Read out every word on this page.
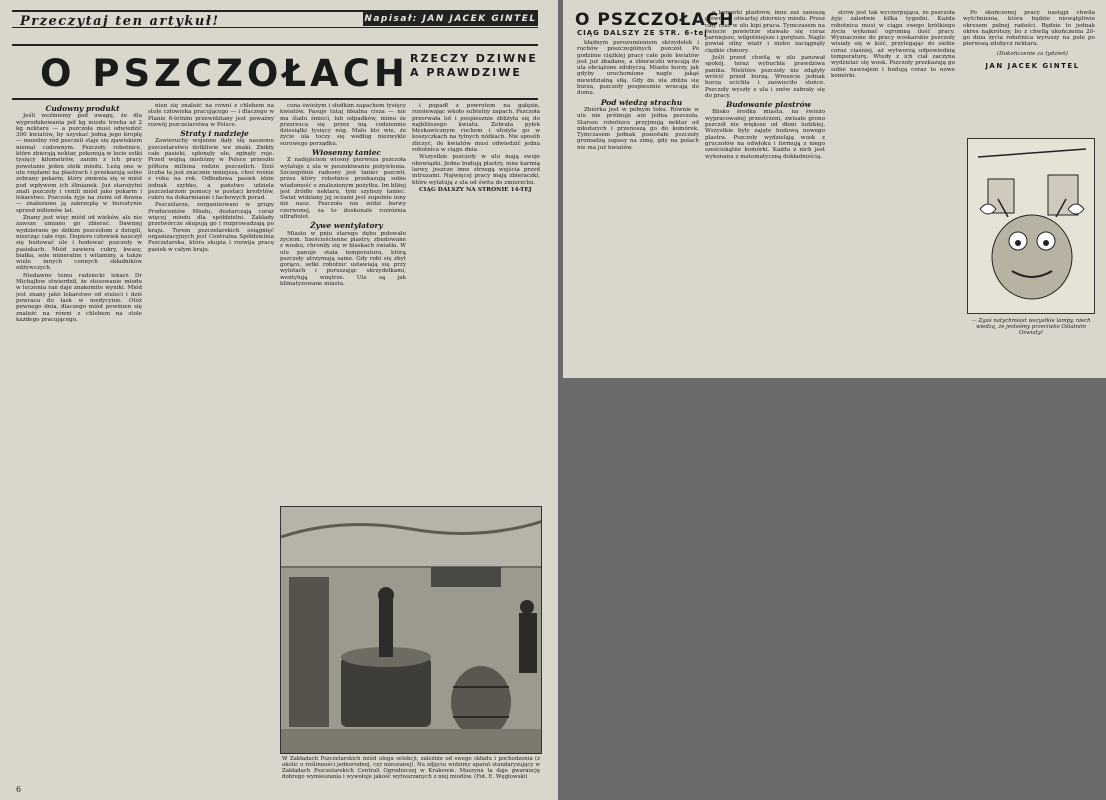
Przeczytaj ten artykuł!	Napisał: JAN JACEK GINTEL
O PSZCZOŁACH RZECZY DZIWNE
A PRAWDZIWE

Cudowny produkt

Jeśli weźmiemy pod uwagę, że dla wyprodukowania pół kg miodu trzeba aż 2 kg nektaru — a pszczoła musi odwiedzić 300 kwiatów, by uzyskać jedną jego kroplę — mozolny ród pszczeli staje się zjawiskiem niemal cudownym. Pszczoły robotnice, które zbierają nektar, pokonują w locie setki tysięcy kilometrów, zanim z ich pracy powstanie jeden słoik miodu. Leżą one w ulu rzędami na plastrach i przekazują sobie zebrany pokarm, który zmienia się w miód pod wpływem ich ślinianek. Już starożytni znali pszczoły i cenili miód jako pokarm i lekarstwo. Pszczoła żyje na ziemi od dawna — znaleziono ją zakrzepłą w bursztynie sprzed milionów lat.

Znany jest więc miód od wieków, ale nie zawsze umiano go zbierać. Dawniej wydzierano go dzikim pszczołom z dziupli, niszcząc całe roje. Dopiero człowiek nauczył się budować ule i hodować pszczoły w pasiekach. Miód zawiera cukry, kwasy, białka, sole mineralne i witaminy, a także wiele innych cennych składników odżywczych.

Niedawno temu radziecki lekarz Dr Michajłow stwierdził, że stosowanie miodu w leczeniu ran daje znakomite wyniki. Miód jest znany jako lekarstwo od stuleci i dziś powraca do łask w medycynie. Otóż pewnego dnia, dlaczego miód powinien się znaleźć na równi z chlebem na stole każdego pracującego.

nien się znaleźć na równi z chlebem na stole człowieka pracującego — i dlaczego w Planie 6-letnim przewidziany jest poważny rozwój pszczelarstwa w Polsce.

Straty i nadzieje

Zawieruchy wojenne dały się naszemu pszczelarstwu dotkliwie we znaki. Znikły całe pasieki, spłonęły ule, zginęły roje. Przed wojną mieliśmy w Polsce przeszło półtora miliona rodzin pszczelich. Dziś liczba ta jest znacznie mniejsza, choć rośnie z roku na rok. Odbudowa pasiek idzie jednak szybko, a państwo udziela pszczelarzom pomocy w postaci kredytów, cukru na dokarmianie i fachowych porad.

Pszczelarze, zorganizowani w grupy Producentów Miodu, dostarczają coraz więcej miodu dla spółdzielni. Zakłady przetwórcze skupują go i rozprowadzają po kraju. Torem pszczelarskich osiągnięć organizacyjnych jest Centralna Spółdzielnia Pszczelarska, która skupia i rozwija pracę pasiek w całym kraju.

cona świeżym i słodkim zapachem tysięcy kwiatów. Pasuje tutaj idealna cisza — nie ma śladu śmieci, lub odpadków, mimo że przerzuca się przez nią codziennie dziesiątki tysięcy nóg. Mało kto wie, że życie ula toczy się według niezwykle surowego porządku.

Wiosenny taniec

Z nadejściem wiosny pierwsza pszczoła wylatuje z ula w poszukiwaniu pożywienia. Szczególnie radosny jest taniec pszczół, przez który robotnice przekazują sobie wiadomość o znalezionym pożytku. Im bliżej jest źródło nektaru, tym szybszy taniec. Świat widziany jej oczami jest zupełnie inny niż nasz. Pszczoła nie widzi barwy czerwonej, za to doskonale rozróżnia ultrafiolet.

Żywe wentylatory

Miasto w pniu starego dębu połowało życiem. Sześciościenne plastry, zbudowane z wosku, chroniły się w blaskach światła. W ulu panuje stała temperatura, którą pszczoły utrzymują same. Gdy robi się zbyt gorąco, setki robotnic ustawiają się przy wylotach i poruszając skrzydełkami, wentylują wnętrze. Ule są jak klimatyzowane miasta.

i popadł z powrotem na gałęzie, rozsiewając wkoło subtelny zapach. Pszczoła przerwała lot i pospiesznie zbliżyła się do najbliższego kwiatu. Zebrała pyłek błyskawicznym ruchem i ułożyła go w koszyczkach na tylnych nóżkach. Nie sposób zliczyć, ile kwiatów musi odwiedzić jedna robotnica w ciągu dnia.

Wszystkie pszczoły w ulu mają swoje obowiązki. Jedne budują plastry, inne karmią larwy, jeszcze inne strzegą wejścia przed intruzami. Najwięcej pracy mają zbieraczki, które wylatują z ula od świtu do zmierzchu.

CIĄG DALSZY NA STRONIE 14-TEJ

W Zakładach Pszczelarskich miód ulega selekcji, zależnie od swego składu i pochodzenia (z okolic o roślinności jednorodnej, czy mieszanej). Na zdjęciu widzimy aparat standaryzujący w Zakładach Pszczelarskich Centrali Ogrodniczej w Krakowie. Maszyna ta daje gwarancję dobrego wymieszania i wywołuje jakość wytwarzanych z niej miodów. (Fot. E. Węglowski)
6
O PSZCZOŁACH
CIĄG DALSZY ZE STR. 6-tej

kładnym porozumieniem skrzydełek i ruchów poszczególnych pszczół. Po godzinie ciężkiej pracy całe pole kwiatów jest już zbadane, a zbieraczki wracają do ula obciążone zdobyczą. Miasto burzy, jak gdyby uruchomione nagle jakąś niewidzialną siłą. Gdy do ula zbliża się burza, pszczoły pospiesznie wracają do domu.

Pod wiedzą strachu

Zbiórka jest w pełnym toku. Równie w ulu nie próżnuje ani jedna pszczoła. Starsze robotnice przyjmują nektar od młodszych i przenoszą go do komórek. Tymczasem jednak pozostałe pszczoły gromadzą zapasy na zimę, gdy na polach nie ma już kwiatów.

o komórki plastrów, inne zaś zanoszą główny w otwartej zbiornicy miodu. Przez cały czas w ulu kipi praca. Tymczasem na świecie powietrze stawało się coraz parniejsze, wilgotniejsze i gorętsze. Nagle powiał silny wiatr i niebo zaciągnęły ciężkie chmury.

Jeśli przed chwilą w ulu panował spokój, teraz wybuchła prawdziwa panika. Niektóre pszczoły nie zdążyły wrócić przed burzą. Wreszcie jednak burza ucichła i zaświeciło słońce. Pszczoły wyszły z ula i znów zabrały się do pracy.

Budowanie plastrów

Blisko środka miasta, na świeżo wypracowanej przestrzeni, zwisało grono pszczół nie większe od dłoni ludzkiej. Wszystkie były zajęte budową nowego plastra. Pszczoły wydzielają wosk z gruczołów na odwłoku i formują z niego sześciokątne komórki. Każda z nich jest wykonana z matematyczną dokładnością.

strów jest tak wyczerpująca, że pszczoła żyje zaledwie kilka tygodni. Każda robotnica musi w ciągu swego krótkiego życia wykonać ogromną ilość pracy. Wyznaczone do pracy woskarskie pszczoły wisiały się w kiść, przylegając do siebie coraz ciaśniej, aż wytworzą odpowiednią temperaturę. Wtedy z ich ciał zaczyna wydzielać się wosk. Pszczoły przekazują go sobie nawzajem i budują coraz to nowe komórki.

Po skończonej pracy nastąpi chwila wytchnienia, która będzie niewątpliwie okresem pełnej radości. Będzie to jednak okres najkrótszy, bo z chwilą ukończenia 20-go dnia życia robotnica wyruszy na pole po pierwszą zdobycz nektaru.

(Dokończenie za tydzień)

JAN JACEK GINTEL

— Zgaś natychmiast wszystkie lampy, niech wiedzą, że jesteśmy przeciwko Ośiatnim Oświaty!
